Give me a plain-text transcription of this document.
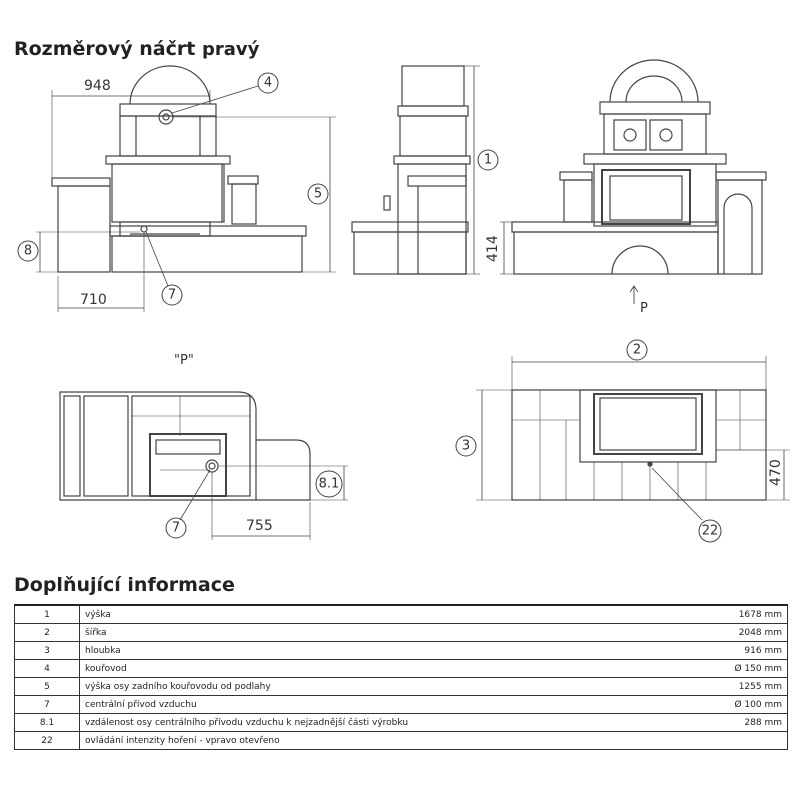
Rozměrový náčrt pravý
948
710
414
755
470
"P"
P
4
5
8
7
1
2
3
8.1
7	22
Doplňující informace
1	výška	1678 mm
2	šířka	2048 mm
3	hloubka	916 mm
4	kouřovod	Ø 150 mm
5	výška osy zadního kouřovodu od podlahy	1255 mm
7	centrální přívod vzduchu	Ø 100 mm
8.1	vzdálenost osy centrálního přívodu vzduchu k nejzadnější části výrobku	288 mm
22	ovládání intenzity hoření - vpravo otevřeno	
